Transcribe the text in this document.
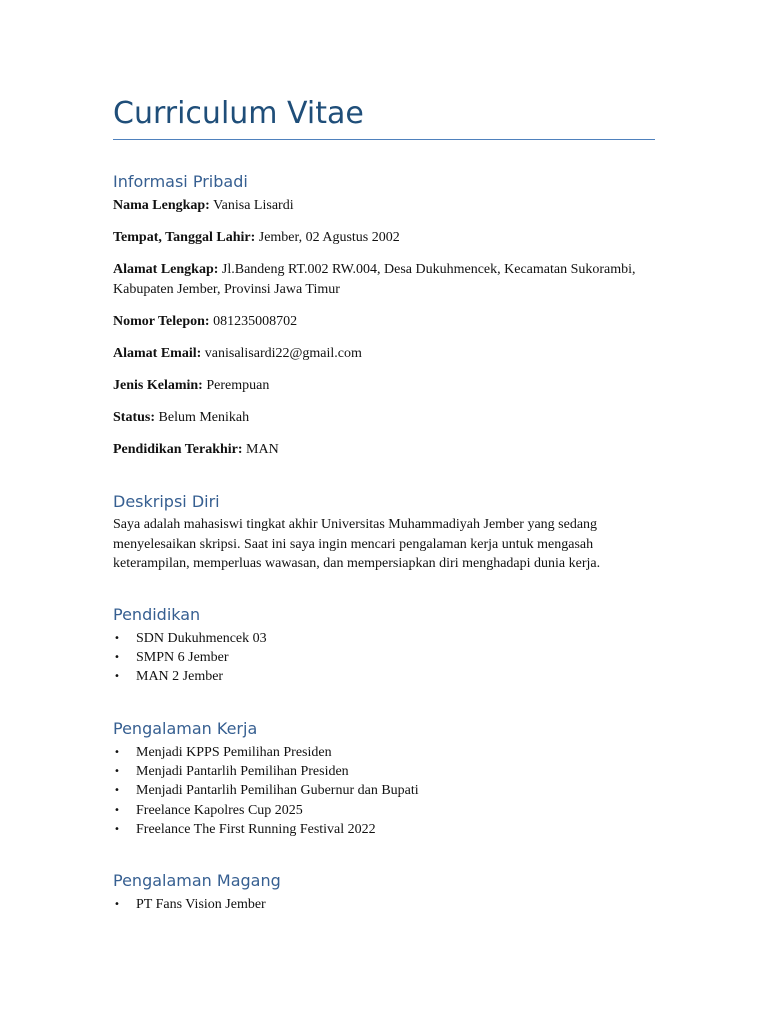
Curriculum Vitae
Informasi Pribadi

Nama Lengkap: Vanisa Lisardi

Tempat, Tanggal Lahir: Jember, 02 Agustus 2002

Alamat Lengkap: Jl.Bandeng RT.002 RW.004, Desa Dukuhmencek, Kecamatan Sukorambi, Kabupaten Jember, Provinsi Jawa Timur

Nomor Telepon: 081235008702

Alamat Email: vanisalisardi22@gmail.com

Jenis Kelamin: Perempuan

Status: Belum Menikah

Pendidikan Terakhir: MAN

Deskripsi Diri

Saya adalah mahasiswi tingkat akhir Universitas Muhammadiyah Jember yang sedang menyelesaikan skripsi. Saat ini saya ingin mencari pengalaman kerja untuk mengasah keterampilan, memperluas wawasan, dan mempersiapkan diri menghadapi dunia kerja.

Pendidikan
• SDN Dukuhmencek 03
• SMPN 6 Jember
• MAN 2 Jember
Pengalaman Kerja
• Menjadi KPPS Pemilihan Presiden
• Menjadi Pantarlih Pemilihan Presiden
• Menjadi Pantarlih Pemilihan Gubernur dan Bupati
• Freelance Kapolres Cup 2025
• Freelance The First Running Festival 2022
Pengalaman Magang
• PT Fans Vision Jember
